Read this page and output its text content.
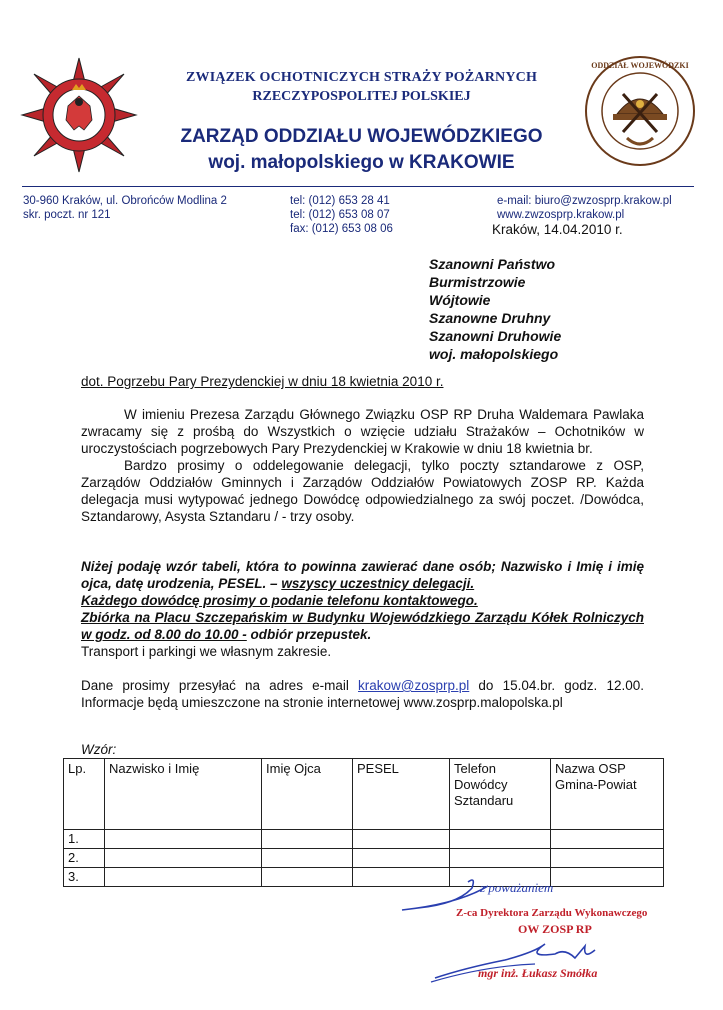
ODDZIAŁ WOJEWÓDZKI
ZWIĄZEK OCHOTNICZYCH STRAŻY POŻARNYCH
RZECZYPOSPOLITEJ POLSKIEJ
ZARZĄD ODDZIAŁU WOJEWÓDZKIEGO
woj. małopolskiego w KRAKOWIE
30-960 Kraków, ul. Obrońców Modlina 2
skr. poczt. nr 121
tel: (012) 653 28 41
tel: (012) 653 08 07
fax: (012) 653 08 06
e-mail: biuro@zwzosprp.krakow.pl
www.zwzosprp.krakow.pl
Kraków, 14.04.2010 r.
Szanowni Państwo
Burmistrzowie
Wójtowie
Szanowne Druhny
Szanowni Druhowie
woj. małopolskiego
dot. Pogrzebu Pary Prezydenckiej w dniu 18 kwietnia 2010 r.

W imieniu Prezesa Zarządu Głównego Związku OSP RP Druha Waldemara Pawlaka zwracamy się z prośbą do Wszystkich o wzięcie udziału Strażaków – Ochotników w uroczystościach pogrzebowych Pary Prezydenckiej w Krakowie w dniu 18 kwietnia br.

Bardzo prosimy o oddelegowanie delegacji, tylko poczty sztandarowe z OSP, Zarządów Oddziałów Gminnych i Zarządów Oddziałów Powiatowych ZOSP RP. Każda delegacja musi wytypować jednego Dowódcę odpowiedzialnego za swój poczet. /Dowódca, Sztandarowy, Asysta Sztandaru / - trzy osoby.

Niżej podaję wzór tabeli, która to powinna zawierać dane osób; Nazwisko i Imię i imię ojca, datę urodzenia, PESEL. – wszyscy uczestnicy delegacji.

Każdego dowódcę prosimy o podanie telefonu kontaktowego.

Zbiórka na Placu Szczepańskim w Budynku Wojewódzkiego Zarządu Kółek Rolniczych w godz. od 8.00 do 10.00 - odbiór przepustek.

Transport i parkingi we własnym zakresie.

Dane prosimy przesyłać na adres e-mail krakow@zosprp.pl do 15.04.br. godz. 12.00. Informacje będą umieszczone na stronie internetowej www.zosprp.malopolska.pl

Wzór:
Lp.	Nazwisko i Imię	Imię Ojca	PESEL	Telefon Dowódcy Sztandaru	Nazwa OSP Gmina-Powiat
1.					
2.					
3.					
z poważaniem
Z-ca Dyrektora Zarządu Wykonawczego
OW ZOSP RP
mgr inż. Łukasz Smółka
